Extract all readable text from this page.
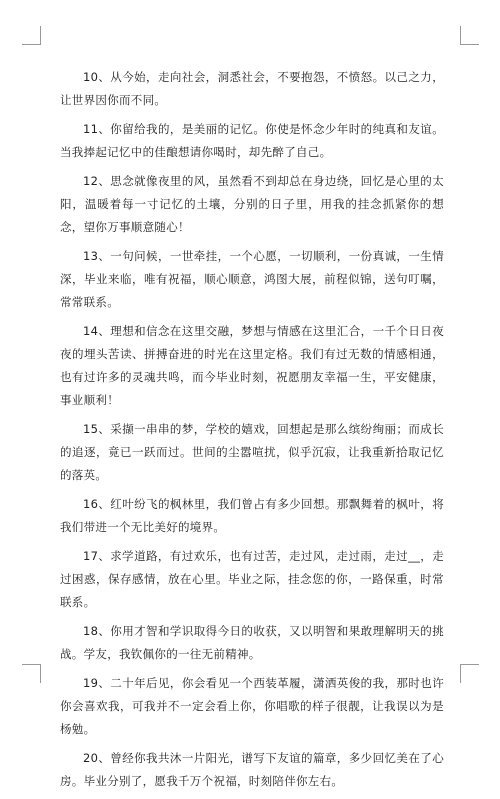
10、从今始，走向社会，洞悉社会，不要抱怨，不愤怒。以己之力，让世界因你而不同。

11、你留给我的，是美丽的记忆。你使是怀念少年时的纯真和友谊。当我捧起记忆中的佳酿想请你喝时，却先醉了自己。

12、思念就像夜里的风，虽然看不到却总在身边绕，回忆是心里的太阳，温暖着每一寸记忆的土壤，分别的日子里，用我的挂念抓紧你的想念，望你万事顺意随心！

13、一句问候，一世牵挂，一个心愿，一切顺利，一份真诚，一生情深，毕业来临，唯有祝福，顺心顺意，鸿图大展，前程似锦，送句叮嘱，常常联系。

14、理想和信念在这里交融，梦想与情感在这里汇合，一千个日日夜夜的埋头苦读、拼搏奋进的时光在这里定格。我们有过无数的情感相通，也有过许多的灵魂共鸣，而今毕业时刻，祝愿朋友幸福一生，平安健康，事业顺利！

15、采撷一串串的梦，学校的嬉戏，回想起是那么缤纷绚丽；而成长的追逐，竟已一跃而过。世间的尘嚣喧扰，似乎沉寂，让我重新拾取记忆的落英。

16、红叶纷飞的枫林里，我们曾占有多少回想。那飘舞着的枫叶，将我们带进一个无比美好的境界。

17、求学道路，有过欢乐，也有过苦，走过风，走过雨，走过__，走过困惑，保存感情，放在心里。毕业之际，挂念您的你，一路保重，时常联系。

18、你用才智和学识取得今日的收获，又以明智和果敢理解明天的挑战。学友，我钦佩你的一往无前精神。

19、二十年后见，你会看见一个西装革履，潇洒英俊的我，那时也许你会喜欢我，可我并不一定会看上你，你唱歌的样子很靓，让我误以为是杨勉。

20、曾经你我共沐一片阳光，谱写下友谊的篇章，多少回忆美在了心房。毕业分别了，愿我千万个祝福，时刻陪伴你左右。
